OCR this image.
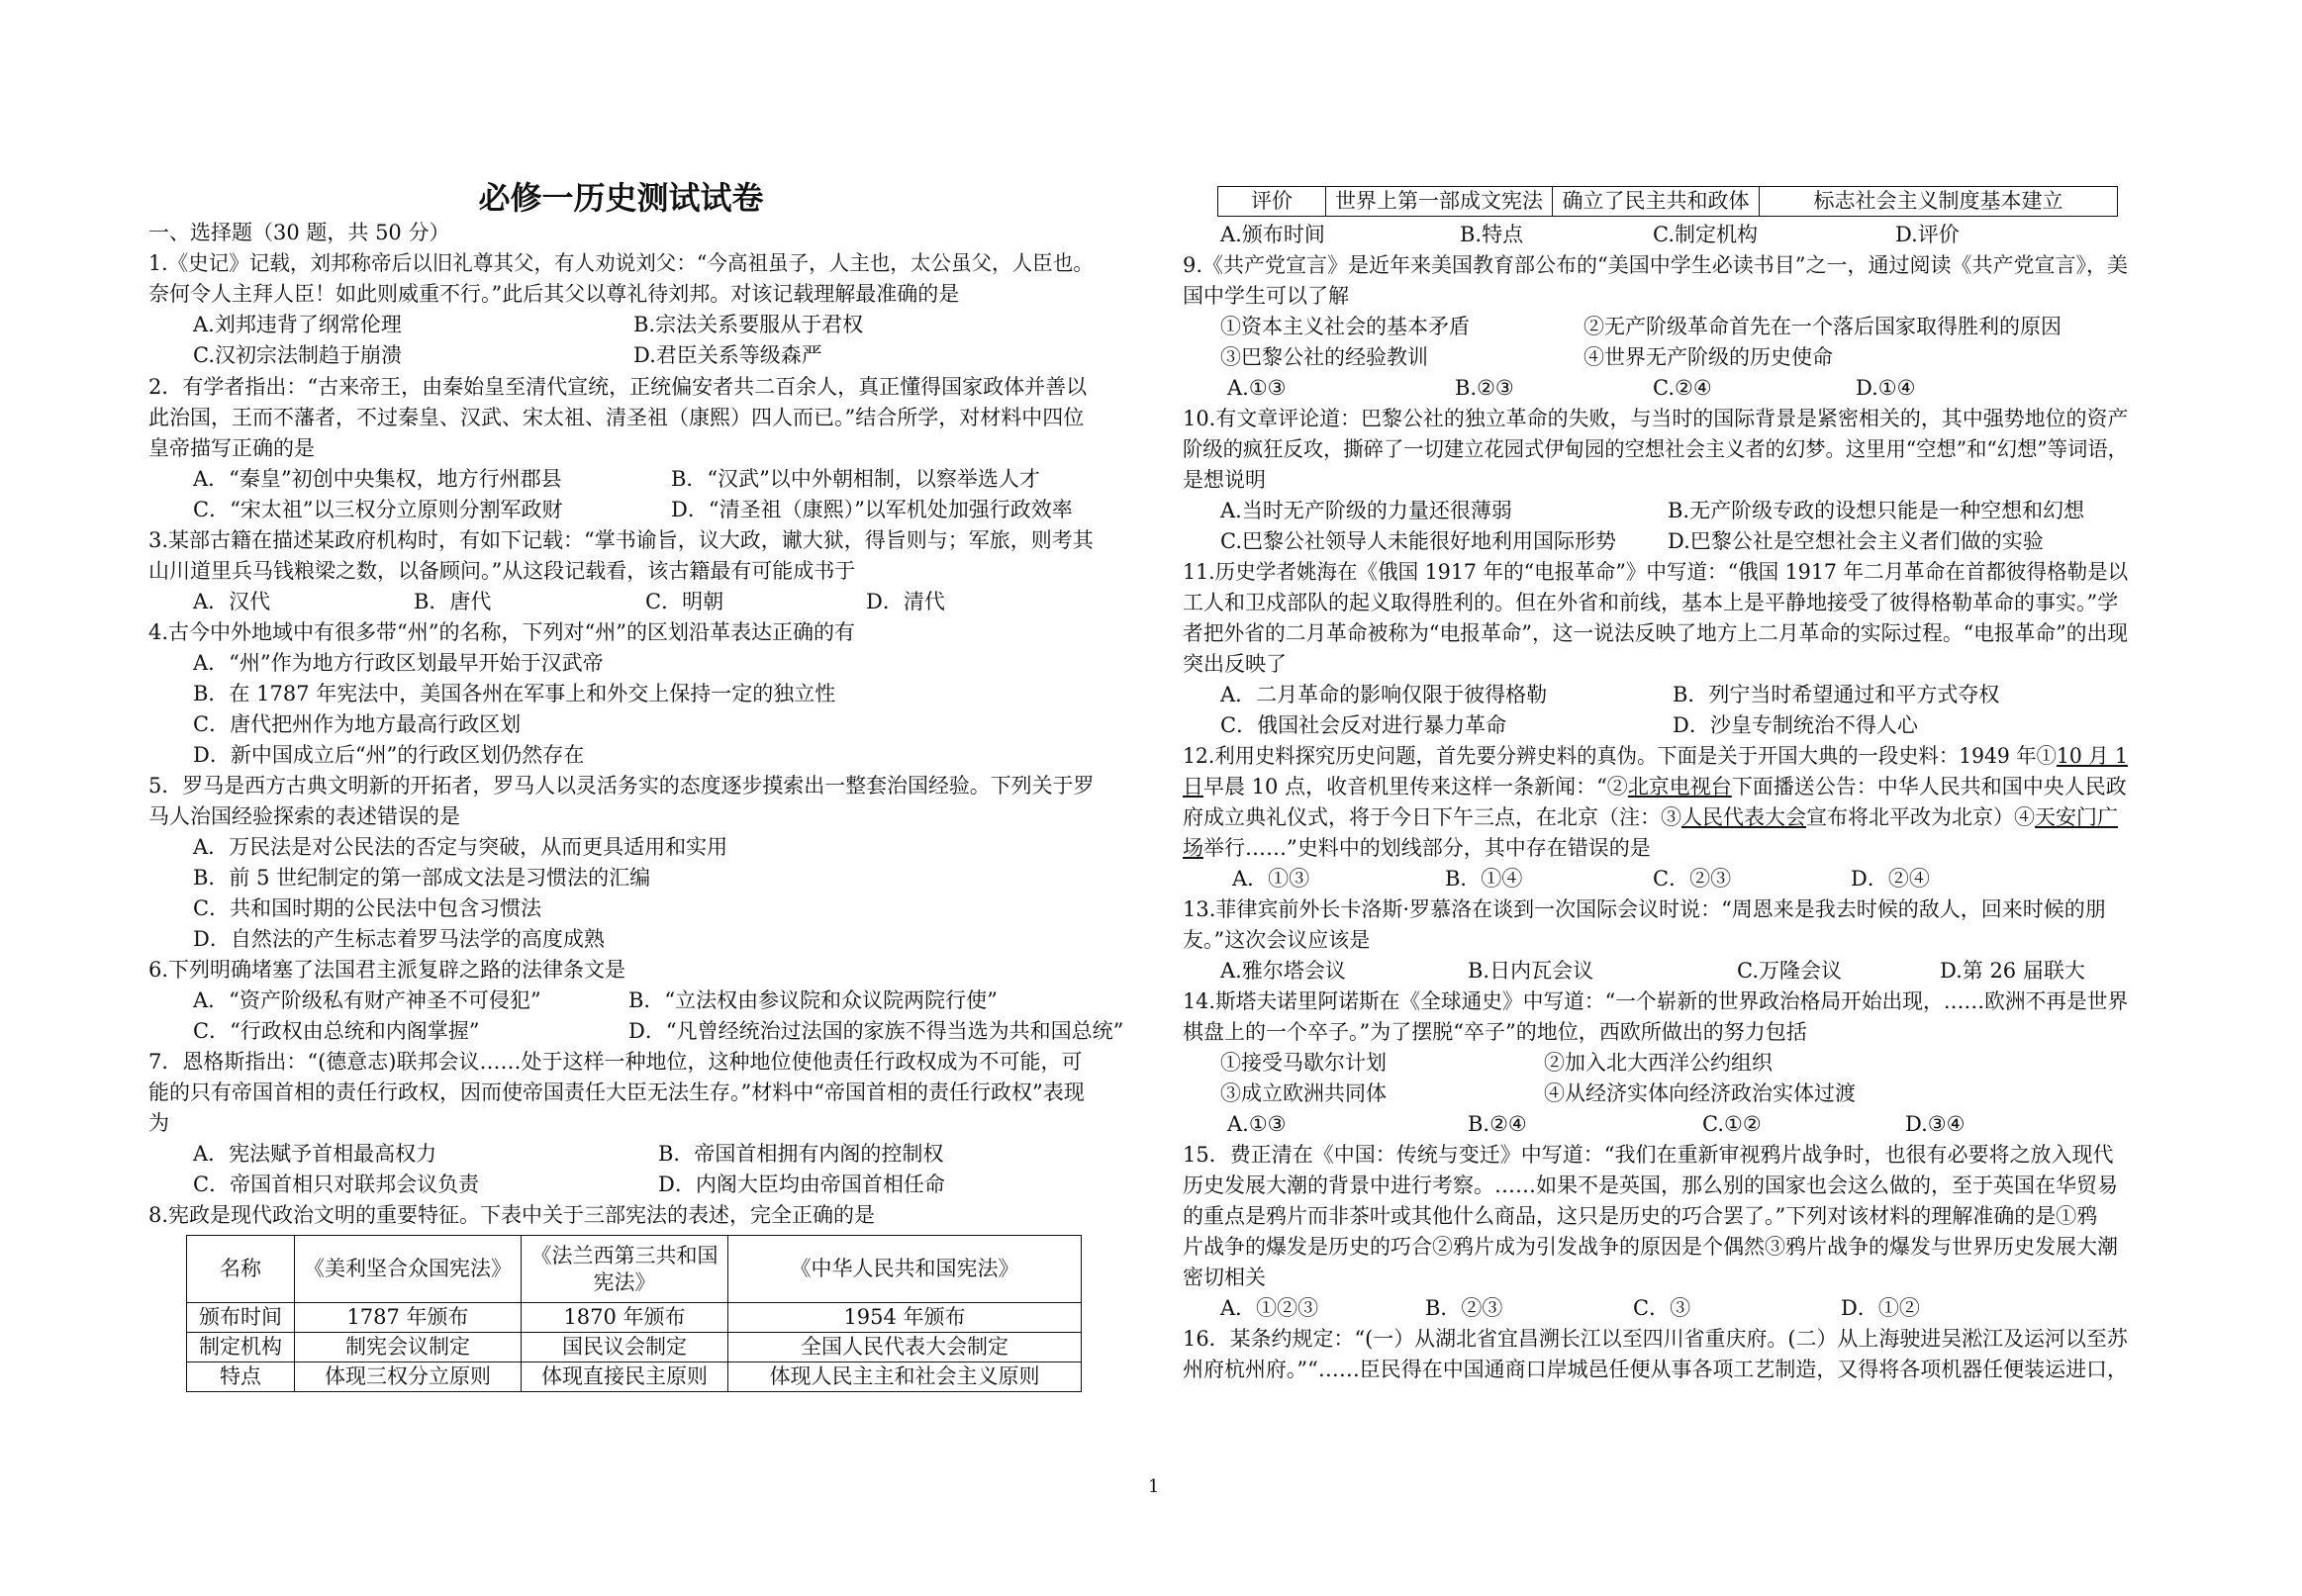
必修一历史测试试卷
一、选择题（30 题，共 50 分）
1.《史记》记载，刘邦称帝后以旧礼尊其父，有人劝说刘父：“今高祖虽子，人主也，太公虽父，人臣也。
奈何令人主拜人臣！如此则威重不行。”此后其父以尊礼待刘邦。对该记载理解最准确的是
A.刘邦违背了纲常伦理	B.宗法关系要服从于君权
C.汉初宗法制趋于崩溃	D.君臣关系等级森严
2．有学者指出：“古来帝王，由秦始皇至清代宣统，正统偏安者共二百余人，真正懂得国家政体并善以
此治国，王而不藩者，不过秦皇、汉武、宋太祖、清圣祖（康熙）四人而已。”结合所学，对材料中四位
皇帝描写正确的是
A．“秦皇”初创中央集权，地方行州郡县	B．“汉武”以中外朝相制，以察举选人才
C．“宋太祖”以三权分立原则分割军政财	D．“清圣祖（康熙）”以军机处加强行政效率
3.某部古籍在描述某政府机构时，有如下记载：“掌书谕旨，议大政，谳大狱，得旨则与；军旅，则考其
山川道里兵马钱粮梁之数，以备顾问。”从这段记载看，该古籍最有可能成书于
A．汉代	B．唐代	C．明朝	D．清代
4.古今中外地域中有很多带“州”的名称，下列对“州”的区划沿革表达正确的有
A．“州”作为地方行政区划最早开始于汉武帝
B．在 1787 年宪法中，美国各州在军事上和外交上保持一定的独立性
C．唐代把州作为地方最高行政区划
D．新中国成立后“州”的行政区划仍然存在
5．罗马是西方古典文明新的开拓者，罗马人以灵活务实的态度逐步摸索出一整套治国经验。下列关于罗
马人治国经验探索的表述错误的是
A．万民法是对公民法的否定与突破，从而更具适用和实用
B．前 5 世纪制定的第一部成文法是习惯法的汇编
C．共和国时期的公民法中包含习惯法
D．自然法的产生标志着罗马法学的高度成熟
6.下列明确堵塞了法国君主派复辟之路的法律条文是
A．“资产阶级私有财产神圣不可侵犯”	B．“立法权由参议院和众议院两院行使”
C．“行政权由总统和内阁掌握”	D．“凡曾经统治过法国的家族不得当选为共和国总统”
7．恩格斯指出：“(德意志)联邦会议……处于这样一种地位，这种地位使他责任行政权成为不可能，可
能的只有帝国首相的责任行政权，因而使帝国责任大臣无法生存。”材料中“帝国首相的责任行政权”表现
为
A．宪法赋予首相最高权力	B．帝国首相拥有内阁的控制权
C．帝国首相只对联邦会议负责	D．内阁大臣均由帝国首相任命
8.宪政是现代政治文明的重要特征。下表中关于三部宪法的表述，完全正确的是
名称	《美利坚合众国宪法》	《法兰西第三共和国宪法》	《中华人民共和国宪法》
颁布时间	1787 年颁布	1870 年颁布	1954 年颁布
制定机构	制宪会议制定	国民议会制定	全国人民代表大会制定
特点	体现三权分立原则	体现直接民主原则	体现人民主主和社会主义原则
评价	世界上第一部成文宪法	确立了民主共和政体	标志社会主义制度基本建立
A.颁布时间	B.特点	C.制定机构	D.评价
9.《共产党宣言》是近年来美国教育部公布的“美国中学生必读书目”之一，通过阅读《共产党宣言》，美
国中学生可以了解
①资本主义社会的基本矛盾	②无产阶级革命首先在一个落后国家取得胜利的原因
③巴黎公社的经验教训	④世界无产阶级的历史使命
A.①③	B.②③	C.②④	D.①④
10.有文章评论道：巴黎公社的独立革命的失败，与当时的国际背景是紧密相关的，其中强势地位的资产
阶级的疯狂反攻，撕碎了一切建立花园式伊甸园的空想社会主义者的幻梦。这里用“空想”和“幻想”等词语，
是想说明
A.当时无产阶级的力量还很薄弱	B.无产阶级专政的设想只能是一种空想和幻想
C.巴黎公社领导人未能很好地利用国际形势 D.巴黎公社是空想社会主义者们做的实验
11.历史学者姚海在《俄国 1917 年的“电报革命”》中写道：“俄国 1917 年二月革命在首都彼得格勒是以
工人和卫戍部队的起义取得胜利的。但在外省和前线，基本上是平静地接受了彼得格勒革命的事实。”学
者把外省的二月革命被称为“电报革命”，这一说法反映了地方上二月革命的实际过程。“电报革命”的出现
突出反映了
A．二月革命的影响仅限于彼得格勒	B．列宁当时希望通过和平方式夺权
C．俄国社会反对进行暴力革命	D．沙皇专制统治不得人心
12.利用史料探究历史问题，首先要分辨史料的真伪。下面是关于开国大典的一段史料：1949 年①10 月 1
日早晨 10 点，收音机里传来这样一条新闻：“②北京电视台下面播送公告：中华人民共和国中央人民政
府成立典礼仪式，将于今日下午三点，在北京（注：③人民代表大会宣布将北平改为北京）④天安门广
场举行……”史料中的划线部分，其中存在错误的是
A．①③	B．①④	C．②③	D．②④
13.菲律宾前外长卡洛斯·罗慕洛在谈到一次国际会议时说：“周恩来是我去时候的敌人，回来时候的朋
友。”这次会议应该是
A.雅尔塔会议	B.日内瓦会议	C.万隆会议	D.第 26 届联大
14.斯塔夫诺里阿诺斯在《全球通史》中写道：“一个崭新的世界政治格局开始出现，……欧洲不再是世界
棋盘上的一个卒子。”为了摆脱“卒子”的地位，西欧所做出的努力包括
①接受马歇尔计划	②加入北大西洋公约组织
③成立欧洲共同体	④从经济实体向经济政治实体过渡
A.①③	B.②④	C.①②	D.③④
15．费正清在《中国：传统与变迁》中写道：“我们在重新审视鸦片战争时，也很有必要将之放入现代
历史发展大潮的背景中进行考察。……如果不是英国，那么别的国家也会这么做的，至于英国在华贸易
的重点是鸦片而非茶叶或其他什么商品，这只是历史的巧合罢了。”下列对该材料的理解准确的是①鸦
片战争的爆发是历史的巧合②鸦片成为引发战争的原因是个偶然③鸦片战争的爆发与世界历史发展大潮
密切相关
A．①②③	B．②③	C．③	D．①②
16．某条约规定：“(一）从湖北省宜昌溯长江以至四川省重庆府。(二）从上海驶进吴淞江及运河以至苏
州府杭州府。”“……臣民得在中国通商口岸城邑任便从事各项工艺制造，又得将各项机器任便装运进口，
1
